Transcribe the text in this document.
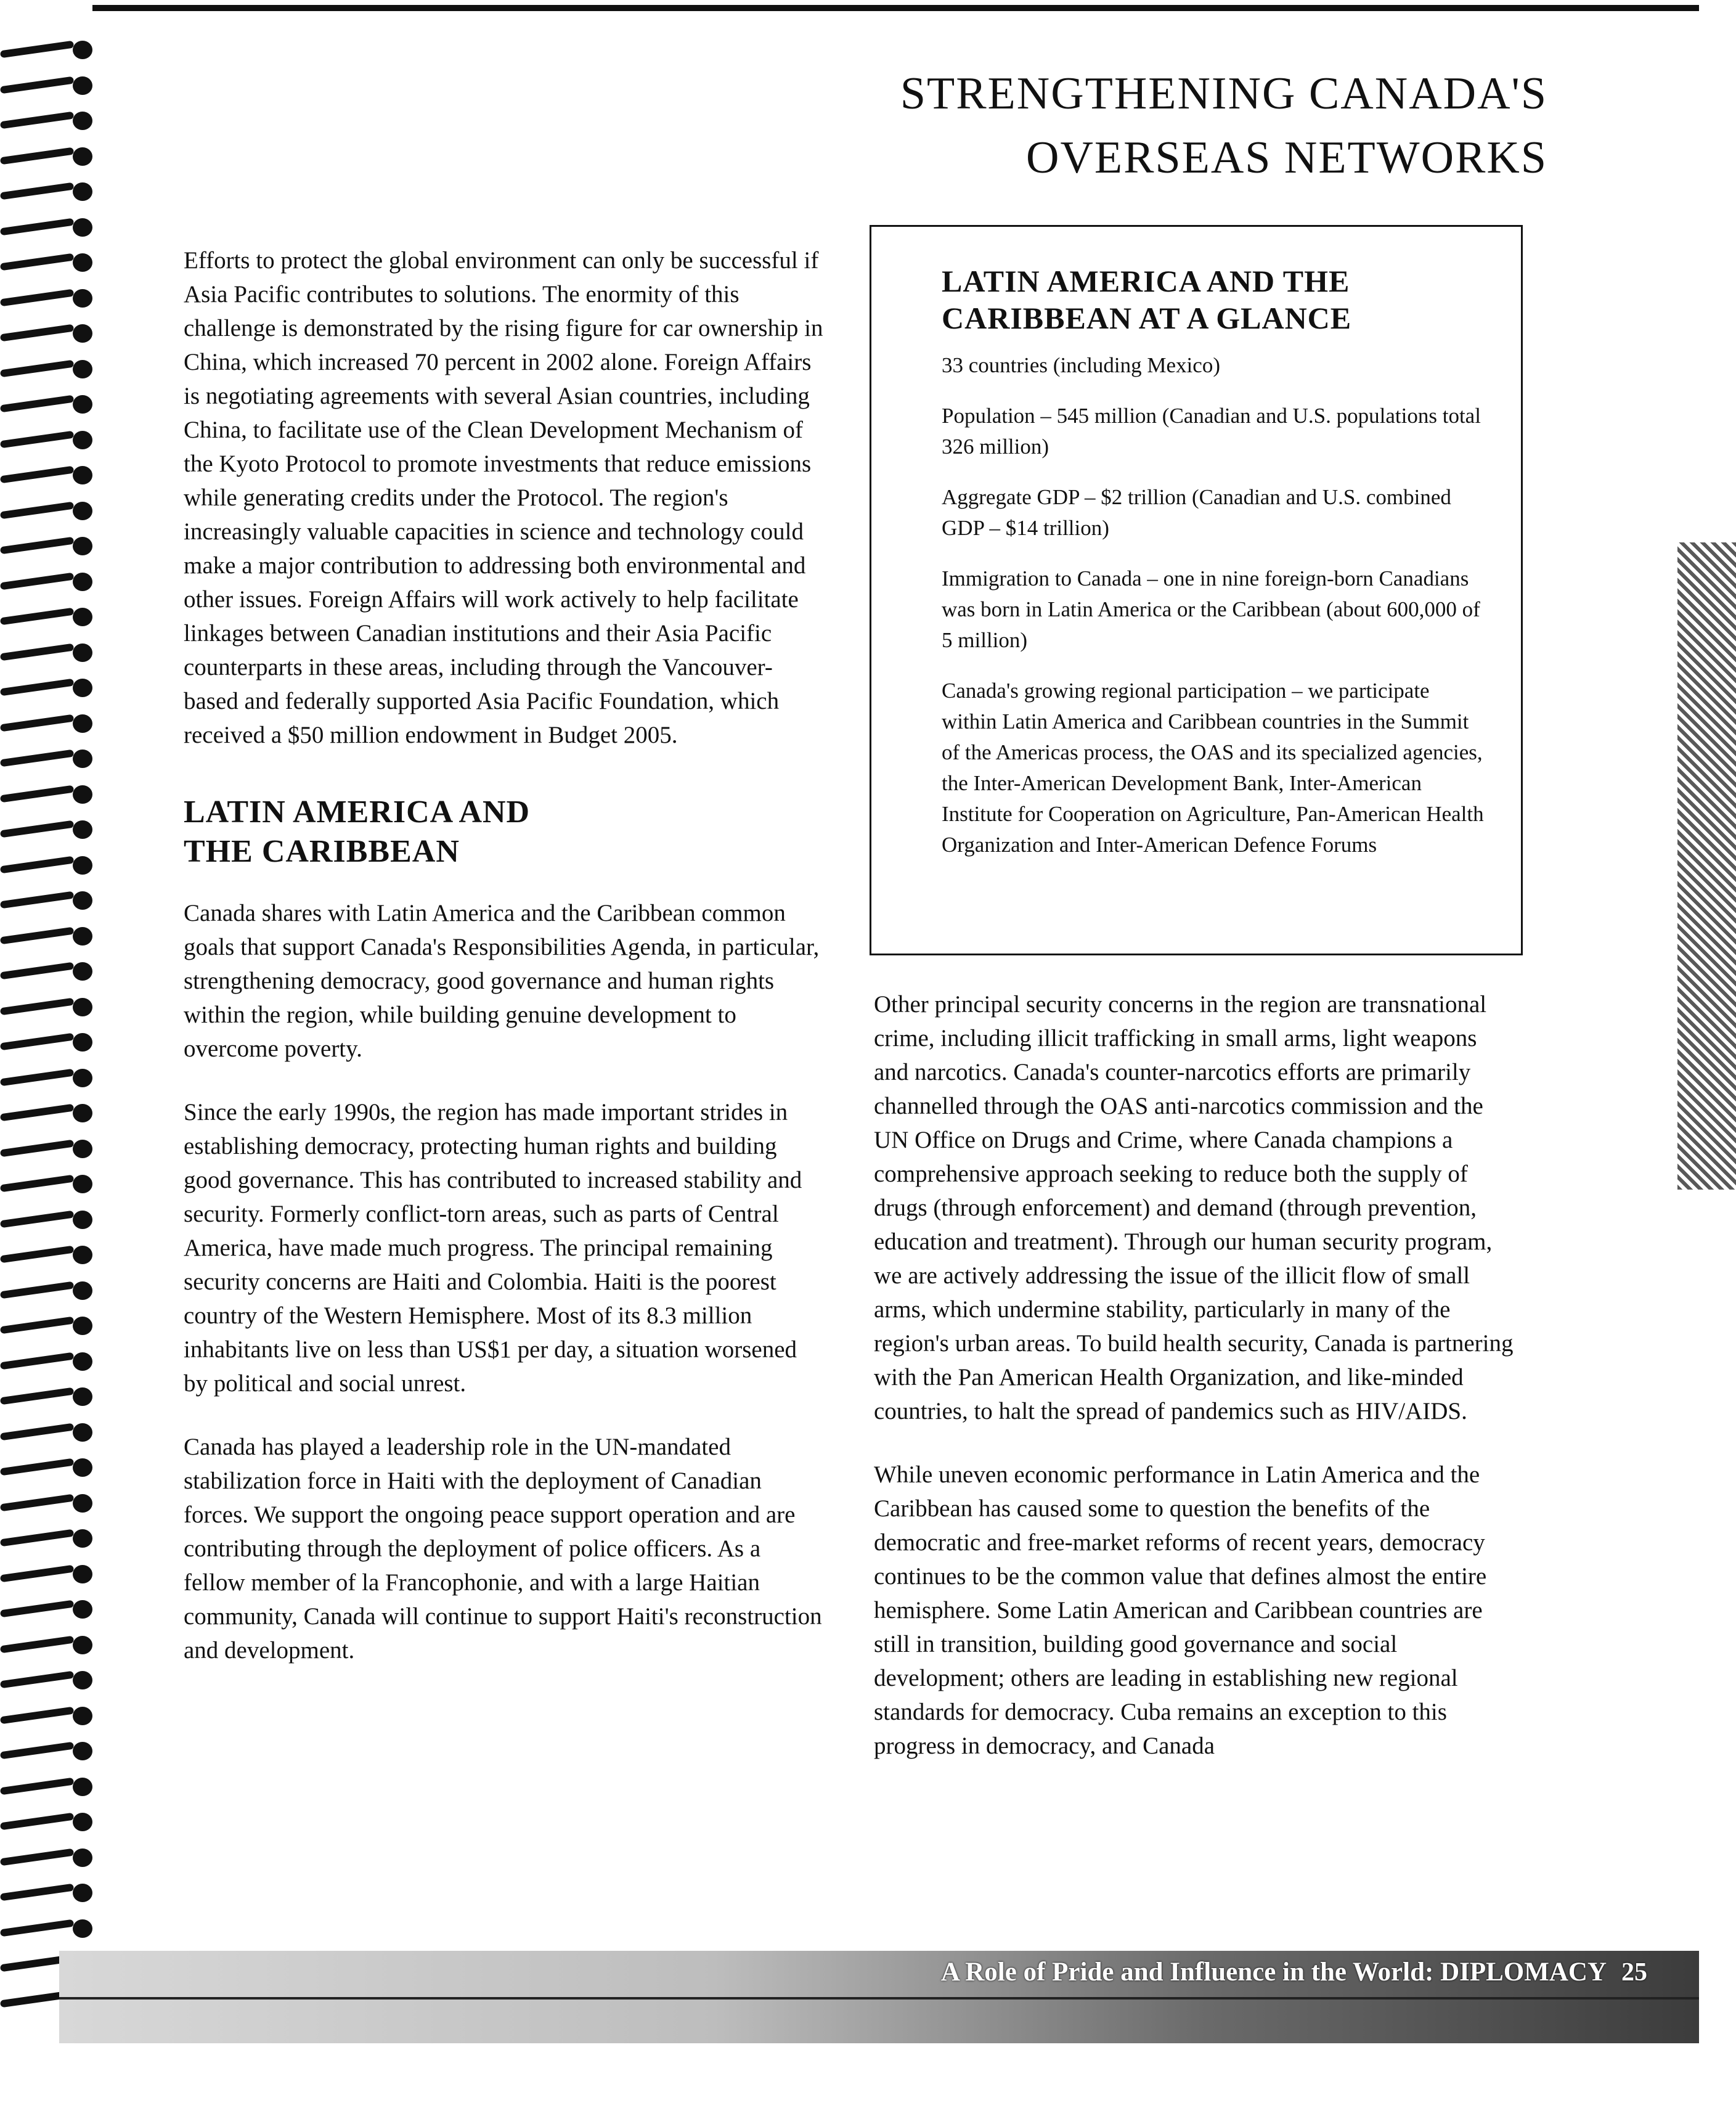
STRENGTHENING CANADA'S
OVERSEAS NETWORKS

Efforts to protect the global environment can only be successful if Asia Pacific contributes to solutions. The enormity of this challenge is demonstrated by the rising figure for car ownership in China, which increased 70 percent in 2002 alone. Foreign Affairs is negotiating agreements with several Asian countries, including China, to facilitate use of the Clean Development Mechanism of the Kyoto Protocol to promote investments that reduce emissions while generating credits under the Protocol. The region's increasingly valuable capacities in science and technology could make a major contribution to addressing both environmental and other issues. Foreign Affairs will work actively to help facilitate linkages between Canadian institutions and their Asia Pacific counterparts in these areas, including through the Vancouver-based and federally supported Asia Pacific Foundation, which received a $50 million endowment in Budget 2005.

LATIN AMERICA AND
THE CARIBBEAN

Canada shares with Latin America and the Caribbean common goals that support Canada's Responsibilities Agenda, in particular, strengthening democracy, good governance and human rights within the region, while building genuine development to overcome poverty.

Since the early 1990s, the region has made important strides in establishing democracy, protecting human rights and building good governance. This has contributed to increased stability and security. Formerly conflict-torn areas, such as parts of Central America, have made much progress. The principal remaining security concerns are Haiti and Colombia. Haiti is the poorest country of the Western Hemisphere. Most of its 8.3 million inhabitants live on less than US$1 per day, a situation worsened by political and social unrest.

Canada has played a leadership role in the UN-mandated stabilization force in Haiti with the deployment of Canadian forces. We support the ongoing peace support operation and are contributing through the deployment of police officers. As a fellow member of la Francophonie, and with a large Haitian community, Canada will continue to support Haiti's reconstruction and development.

LATIN AMERICA AND THE
CARIBBEAN AT A GLANCE
33 countries (including Mexico)
Population – 545 million (Canadian and U.S. populations total 326 million)
Aggregate GDP – $2 trillion (Canadian and U.S. combined GDP – $14 trillion)
Immigration to Canada – one in nine foreign-born Canadians was born in Latin America or the Caribbean (about 600,000 of 5 million)
Canada's growing regional participation – we participate within Latin America and Caribbean countries in the Summit of the Americas process, the OAS and its specialized agencies, the Inter-American Development Bank, Inter-American Institute for Cooperation on Agriculture, Pan-American Health Organization and Inter-American Defence Forums

Other principal security concerns in the region are transnational crime, including illicit trafficking in small arms, light weapons and narcotics. Canada's counter-narcotics efforts are primarily channelled through the OAS anti-narcotics commission and the UN Office on Drugs and Crime, where Canada champions a comprehensive approach seeking to reduce both the supply of drugs (through enforcement) and demand (through prevention, education and treatment). Through our human security program, we are actively addressing the issue of the illicit flow of small arms, which undermine stability, particularly in many of the region's urban areas. To build health security, Canada is partnering with the Pan American Health Organization, and like-minded countries, to halt the spread of pandemics such as HIV/AIDS.

While uneven economic performance in Latin America and the Caribbean has caused some to question the benefits of the democratic and free-market reforms of recent years, democracy continues to be the common value that defines almost the entire hemisphere. Some Latin American and Caribbean countries are still in transition, building good governance and social development; others are leading in establishing new regional standards for democracy. Cuba remains an exception to this progress in democracy, and Canada

A Role of Pride and Influence in the World: DIPLOMACY 25
